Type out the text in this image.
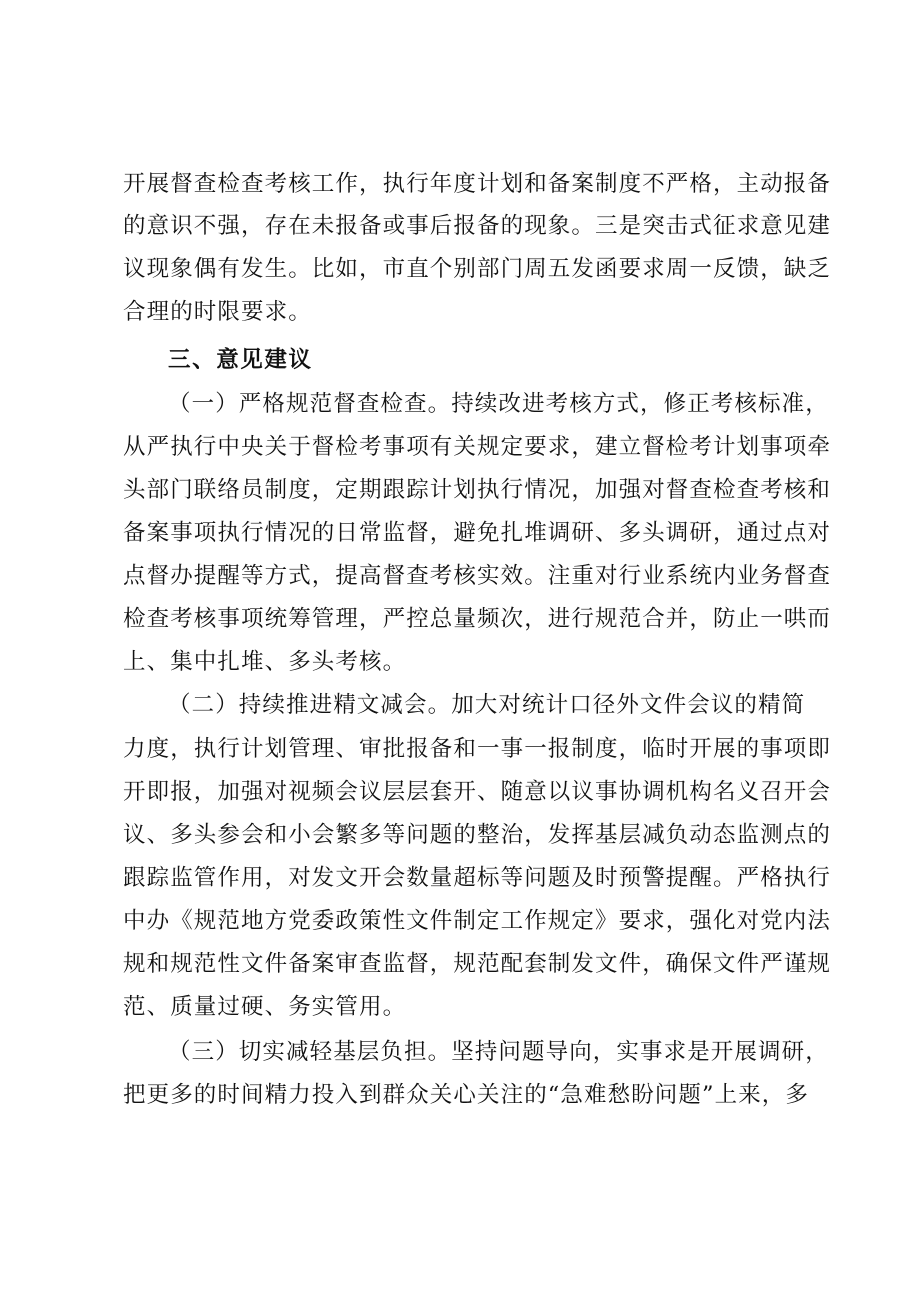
开展督查检查考核工作，执行年度计划和备案制度不严格，主动报备
的意识不强，存在未报备或事后报备的现象。三是突击式征求意见建
议现象偶有发生。比如，市直个别部门周五发函要求周一反馈，缺乏
合理的时限要求。
三、意见建议
（一）严格规范督查检查。持续改进考核方式，修正考核标准，
从严执行中央关于督检考事项有关规定要求，建立督检考计划事项牵
头部门联络员制度，定期跟踪计划执行情况，加强对督查检查考核和
备案事项执行情况的日常监督，避免扎堆调研、多头调研，通过点对
点督办提醒等方式，提高督查考核实效。注重对行业系统内业务督查
检查考核事项统筹管理，严控总量频次，进行规范合并，防止一哄而
上、集中扎堆、多头考核。
（二）持续推进精文减会。加大对统计口径外文件会议的精简
力度，执行计划管理、审批报备和一事一报制度，临时开展的事项即
开即报，加强对视频会议层层套开、随意以议事协调机构名义召开会
议、多头参会和小会繁多等问题的整治，发挥基层减负动态监测点的
跟踪监管作用，对发文开会数量超标等问题及时预警提醒。严格执行
中办《规范地方党委政策性文件制定工作规定》要求，强化对党内法
规和规范性文件备案审查监督，规范配套制发文件，确保文件严谨规
范、质量过硬、务实管用。
（三）切实减轻基层负担。坚持问题导向，实事求是开展调研，
把更多的时间精力投入到群众关心关注的“急难愁盼问题”上来，多
